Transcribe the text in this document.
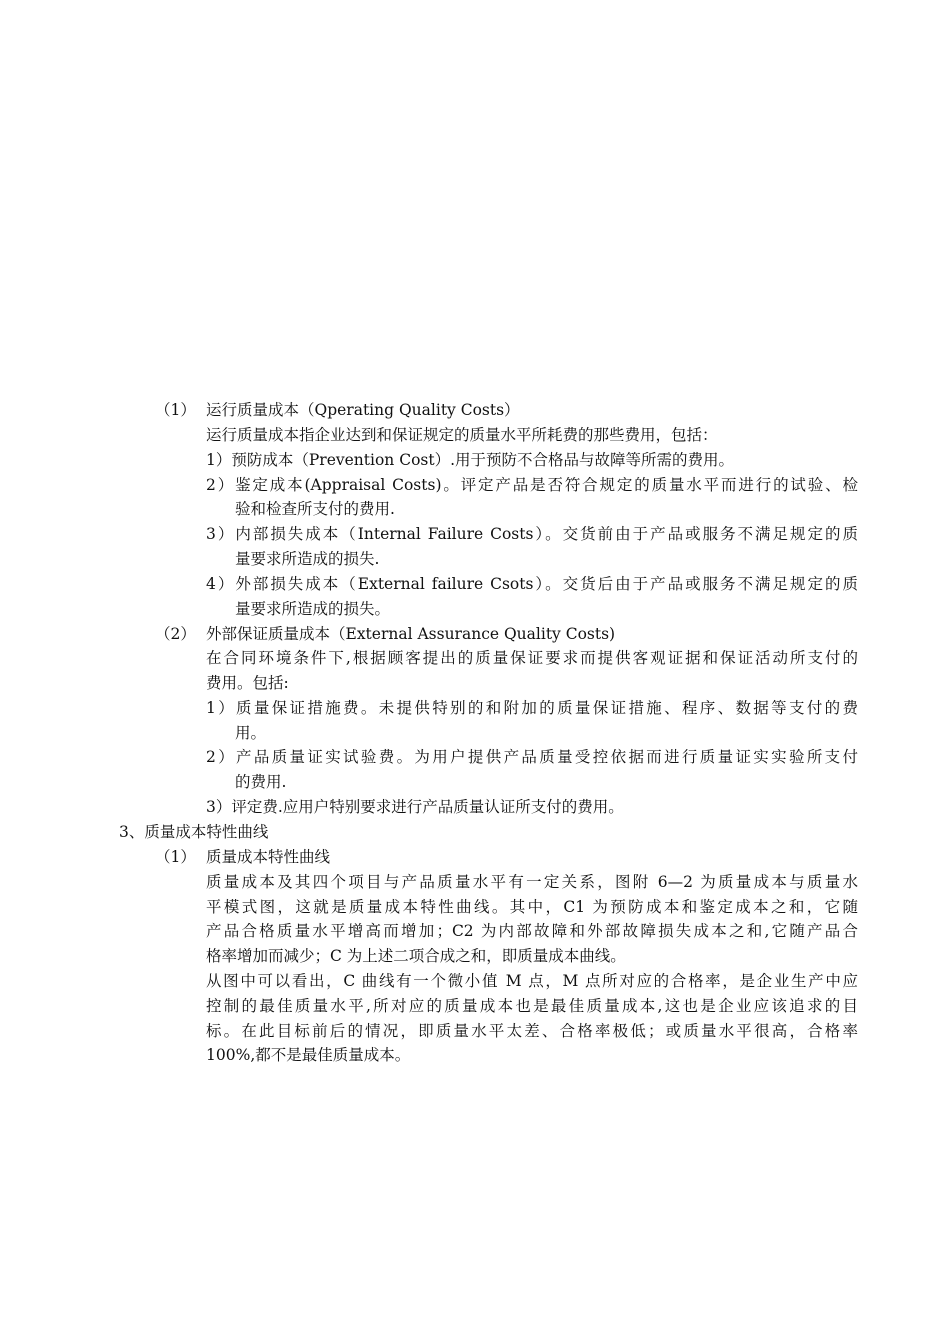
（1） 运行质量成本（Qperating Quality Costs）
运行质量成本指企业达到和保证规定的质量水平所耗费的那些费用，包括：
1）预防成本（Prevention Cost）.用于预防不合格品与故障等所需的费用。
2）鉴定成本(Appraisal Costs)。评定产品是否符合规定的质量水平而进行的试验、检
验和检查所支付的费用.
3）内部损失成本（Internal Failure Costs）。交货前由于产品或服务不满足规定的质
量要求所造成的损失.
4）外部损失成本（External failure Csots）。交货后由于产品或服务不满足规定的质
量要求所造成的损失。
（2） 外部保证质量成本（External Assurance Quality Costs)
在合同环境条件下,根据顾客提出的质量保证要求而提供客观证据和保证活动所支付的
费用。包括:
1）质量保证措施费。未提供特别的和附加的质量保证措施、程序、数据等支付的费
用。
2）产品质量证实试验费。为用户提供产品质量受控依据而进行质量证实实验所支付
的费用.
3）评定费.应用户特别要求进行产品质量认证所支付的费用。
3、质量成本特性曲线
（1） 质量成本特性曲线
质量成本及其四个项目与产品质量水平有一定关系，图附 6—2 为质量成本与质量水
平模式图，这就是质量成本特性曲线。其中，C1 为预防成本和鉴定成本之和，它随
产品合格质量水平增高而增加；C2 为内部故障和外部故障损失成本之和,它随产品合
格率增加而减少；C 为上述二项合成之和，即质量成本曲线。
从图中可以看出，C 曲线有一个微小值 M 点，M 点所对应的合格率，是企业生产中应
控制的最佳质量水平,所对应的质量成本也是最佳质量成本,这也是企业应该追求的目
标。在此目标前后的情况，即质量水平太差、合格率极低；或质量水平很高，合格率
100%,都不是最佳质量成本。
